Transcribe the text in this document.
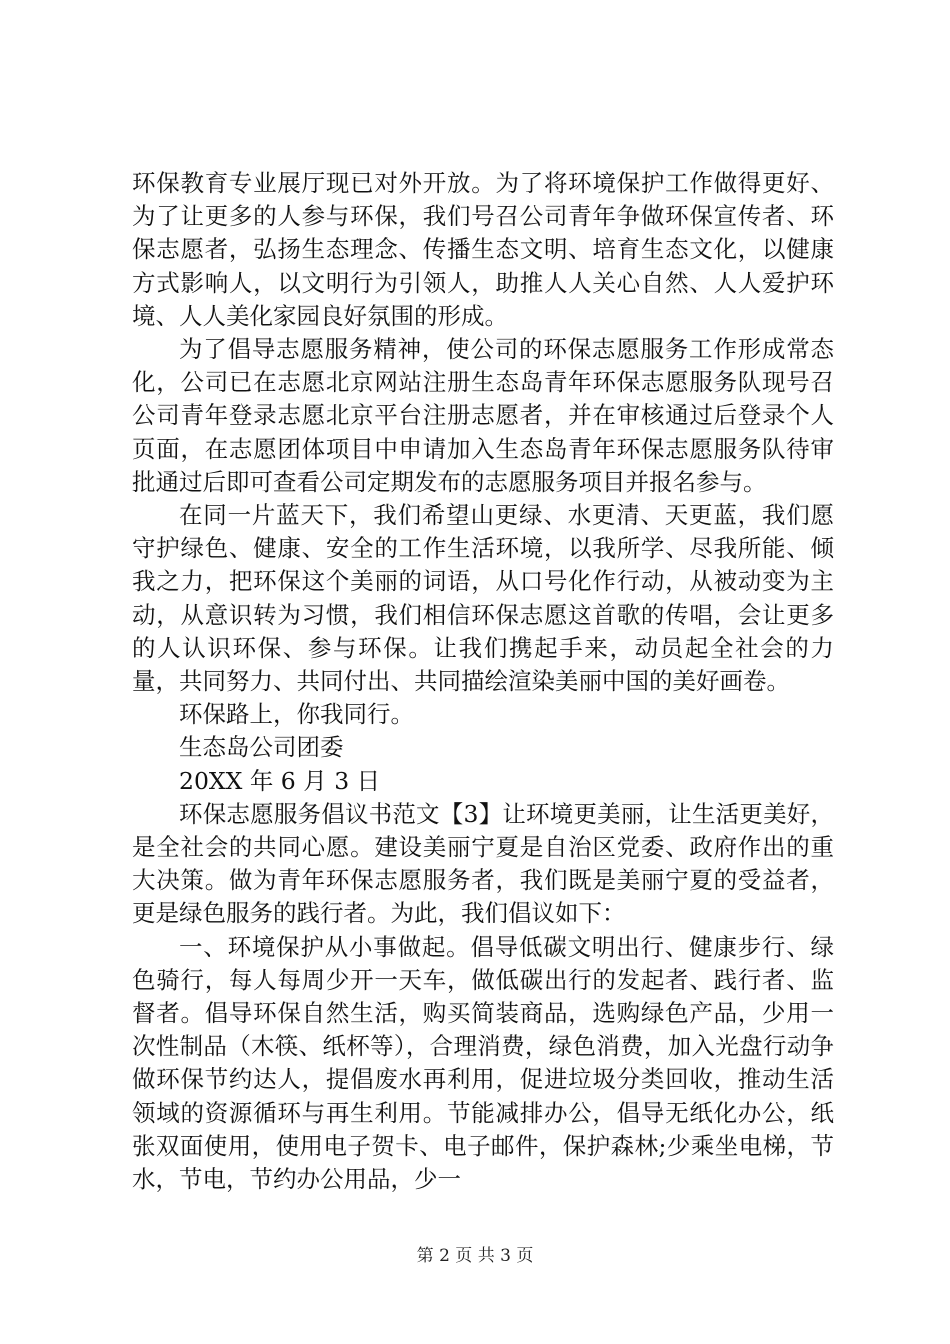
环保教育专业展厅现已对外开放。为了将环境保护工作做得更好、为了让更多的人参与环保，我们号召公司青年争做环保宣传者、环保志愿者，弘扬生态理念、传播生态文明、培育生态文化，以健康方式影响人，以文明行为引领人，助推人人关心自然、人人爱护环境、人人美化家园良好氛围的形成。

为了倡导志愿服务精神，使公司的环保志愿服务工作形成常态化，公司已在志愿北京网站注册生态岛青年环保志愿服务队现号召公司青年登录志愿北京平台注册志愿者，并在审核通过后登录个人页面，在志愿团体项目中申请加入生态岛青年环保志愿服务队待审批通过后即可查看公司定期发布的志愿服务项目并报名参与。

在同一片蓝天下，我们希望山更绿、水更清、天更蓝，我们愿守护绿色、健康、安全的工作生活环境，以我所学、尽我所能、倾我之力，把环保这个美丽的词语，从口号化作行动，从被动变为主动，从意识转为习惯，我们相信环保志愿这首歌的传唱，会让更多的人认识环保、参与环保。让我们携起手来，动员起全社会的力量，共同努力、共同付出、共同描绘渲染美丽中国的美好画卷。

环保路上，你我同行。

生态岛公司团委

20XX 年 6 月 3 日

环保志愿服务倡议书范文【3】让环境更美丽，让生活更美好，是全社会的共同心愿。建设美丽宁夏是自治区党委、政府作出的重大决策。做为青年环保志愿服务者，我们既是美丽宁夏的受益者，更是绿色服务的践行者。为此，我们倡议如下：

一、环境保护从小事做起。倡导低碳文明出行、健康步行、绿色骑行，每人每周少开一天车，做低碳出行的发起者、践行者、监督者。倡导环保自然生活，购买简装商品，选购绿色产品，少用一次性制品（木筷、纸杯等），合理消费，绿色消费，加入光盘行动争做环保节约达人，提倡废水再利用，促进垃圾分类回收，推动生活领域的资源循环与再生利用。节能减排办公，倡导无纸化办公，纸张双面使用，使用电子贺卡、电子邮件，保护森林;少乘坐电梯，节水，节电，节约办公用品，少一

第 2 页 共 3 页
